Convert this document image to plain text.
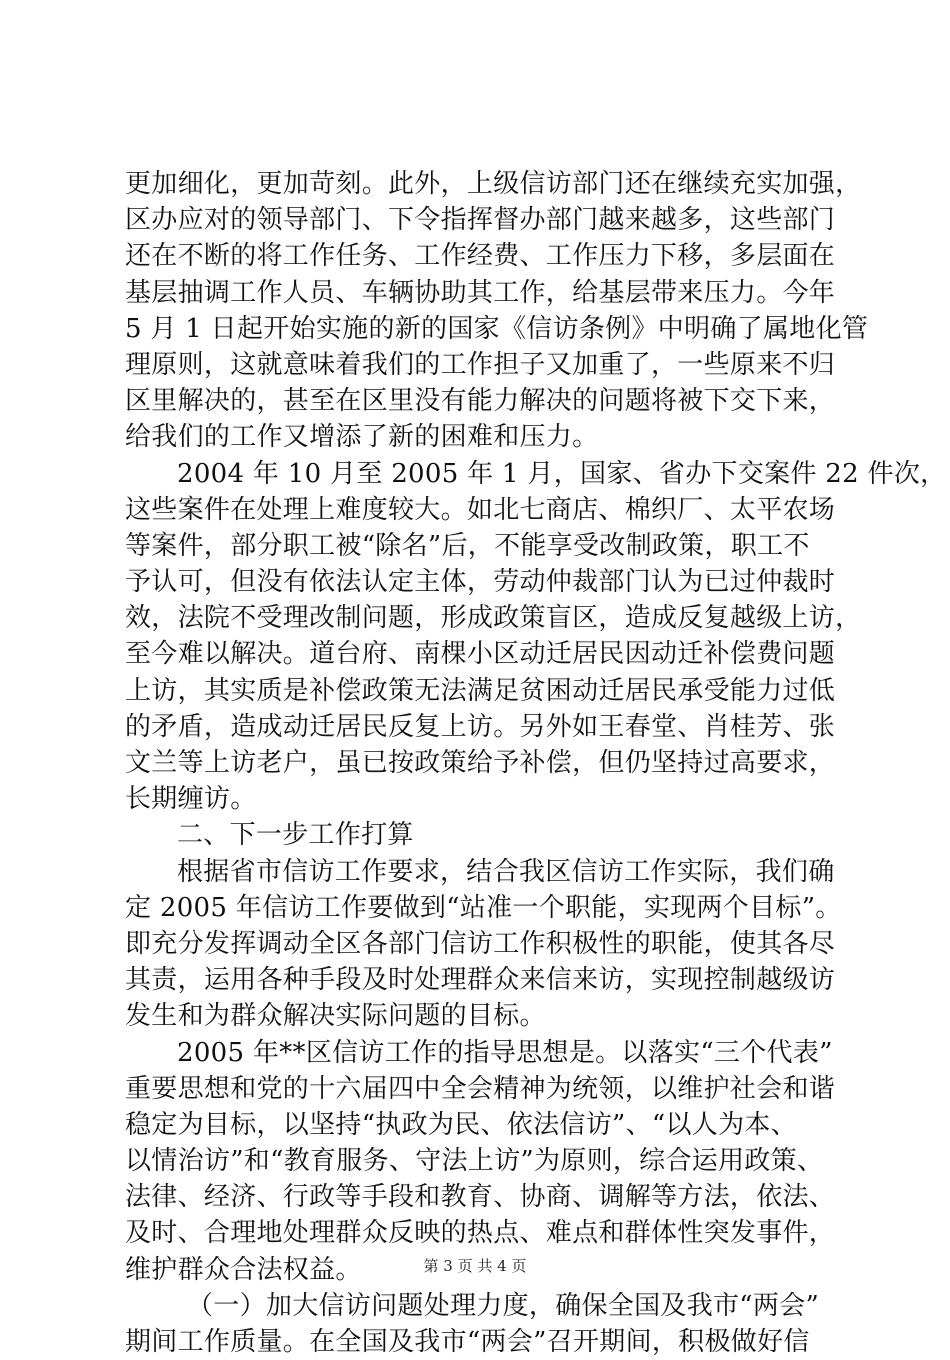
更加细化，更加苛刻。此外，上级信访部门还在继续充实加强，
区办应对的领导部门、下令指挥督办部门越来越多，这些部门
还在不断的将工作任务、工作经费、工作压力下移，多层面在
基层抽调工作人员、车辆协助其工作，给基层带来压力。今年
5 月 1 日起开始实施的新的国家《信访条例》中明确了属地化管
理原则，这就意味着我们的工作担子又加重了，一些原来不归
区里解决的，甚至在区里没有能力解决的问题将被下交下来，
给我们的工作又增添了新的困难和压力。
2004 年 10 月至 2005 年 1 月，国家、省办下交案件 22 件次，
这些案件在处理上难度较大。如北七商店、棉织厂、太平农场
等案件，部分职工被“除名”后，不能享受改制政策，职工不
予认可，但没有依法认定主体，劳动仲裁部门认为已过仲裁时
效，法院不受理改制问题，形成政策盲区，造成反复越级上访，
至今难以解决。道台府、南棵小区动迁居民因动迁补偿费问题
上访，其实质是补偿政策无法满足贫困动迁居民承受能力过低
的矛盾，造成动迁居民反复上访。另外如王春堂、肖桂芳、张
文兰等上访老户，虽已按政策给予补偿，但仍坚持过高要求，
长期缠访。
二、下一步工作打算
根据省市信访工作要求，结合我区信访工作实际，我们确
定 2005 年信访工作要做到“站准一个职能，实现两个目标”。
即充分发挥调动全区各部门信访工作积极性的职能，使其各尽
其责，运用各种手段及时处理群众来信来访，实现控制越级访
发生和为群众解决实际问题的目标。
2005 年**区信访工作的指导思想是。以落实“三个代表”
重要思想和党的十六届四中全会精神为统领，以维护社会和谐
稳定为目标，以坚持“执政为民、依法信访”、“以人为本、
以情治访”和“教育服务、守法上访”为原则，综合运用政策、
法律、经济、行政等手段和教育、协商、调解等方法，依法、
及时、合理地处理群众反映的热点、难点和群体性突发事件，
维护群众合法权益。
（一）加大信访问题处理力度，确保全国及我市“两会”
期间工作质量。在全国及我市“两会”召开期间，积极做好信
第 3 页 共 4 页
